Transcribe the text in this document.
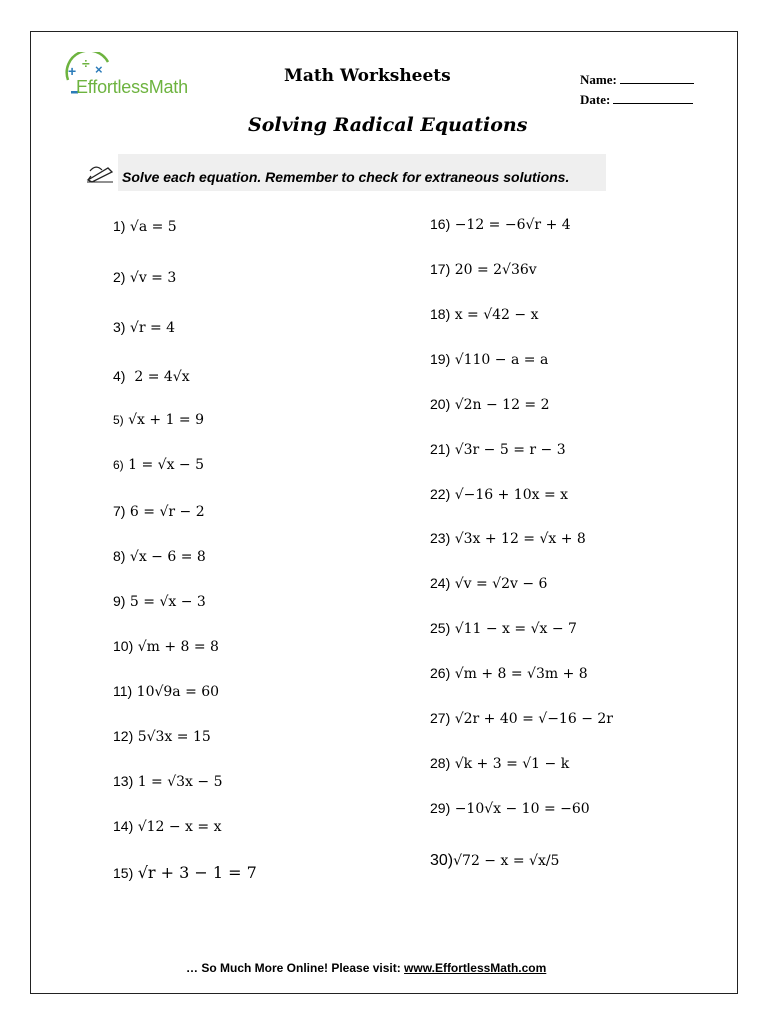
+ ÷ ×
EffortlessMath
Math Worksheets	Name:
Date:
Solving Radical Equations
Solve each equation. Remember to check for extraneous solutions.
1) √a = 5
2) √v = 3
3) √r = 4
4) 2 = 4√x
5) √x + 1 = 9
6) 1 = √x − 5
7) 6 = √r − 2
8) √x − 6 = 8
9) 5 = √x − 3
10) √m + 8 = 8
11) 10√9a = 60
12) 5√3x = 15
13) 1 = √3x − 5
14) √12 − x = x
15) √r + 3 − 1 = 7
16) −12 = −6√r + 4
17) 20 = 2√36v
18) x = √42 − x
19) √110 − a = a
20) √2n − 12 = 2
21) √3r − 5 = r − 3
22) √−16 + 10x = x
23) √3x + 12 = √x + 8
24) √v = √2v − 6
25) √11 − x = √x − 7
26) √m + 8 = √3m + 8
27) √2r + 40 = √−16 − 2r
28) √k + 3 = √1 − k
29) −10√x − 10 = −60
30)√72 − x = √x/5
… So Much More Online! Please visit: www.EffortlessMath.com
